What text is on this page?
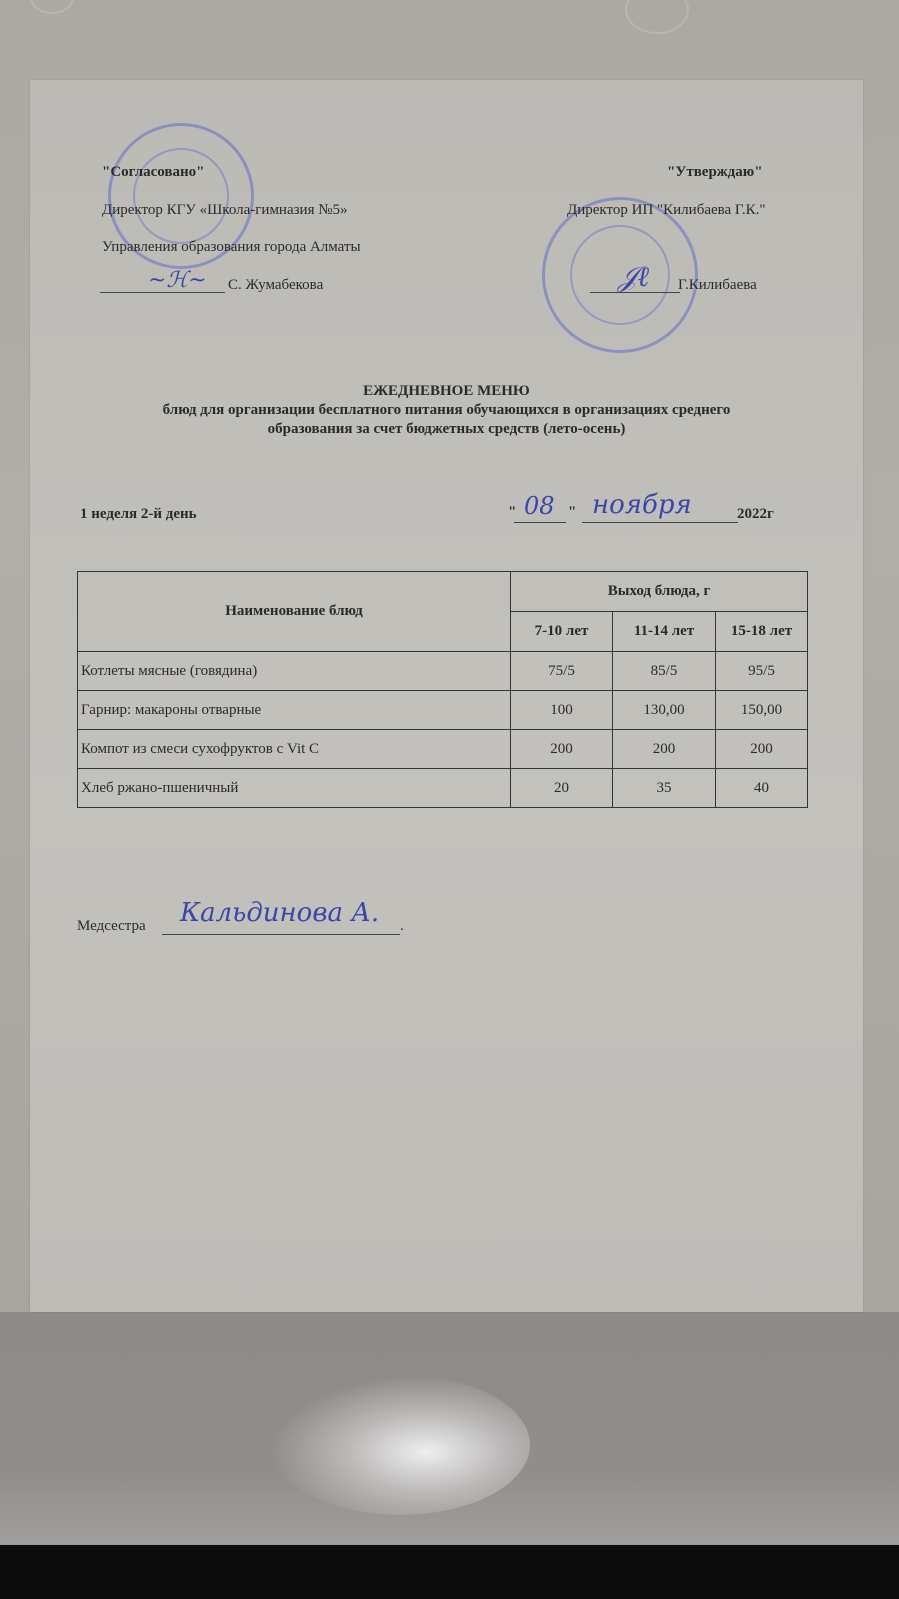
"Согласовано"
Директор КГУ «Школа-гимназия №5»
Управления образования города Алматы
~ℋ~ С. Жумабекова
"Утверждаю"
Директор ИП "Килибаева Г.К."
𝒥ℓ Г.Килибаева
ЕЖЕДНЕВНОЕ МЕНЮ
блюд для организации бесплатного питания обучающихся в организациях среднего
образования за счет бюджетных средств (лето-осень)
1 неделя 2-й день	" 08 " ноября	2022г
Наименование блюд	Выход блюда, г		
	7-10 лет	11-14 лет	15-18 лет
Котлеты мясные (говядина)	75/5	85/5	95/5
Гарнир: макароны отварные	100	130,00	150,00
Компот из смеси сухофруктов с Vit C	200	200	200
Хлеб ржано-пшеничный	20	35	40
Медсестра Кальдинова А. .
